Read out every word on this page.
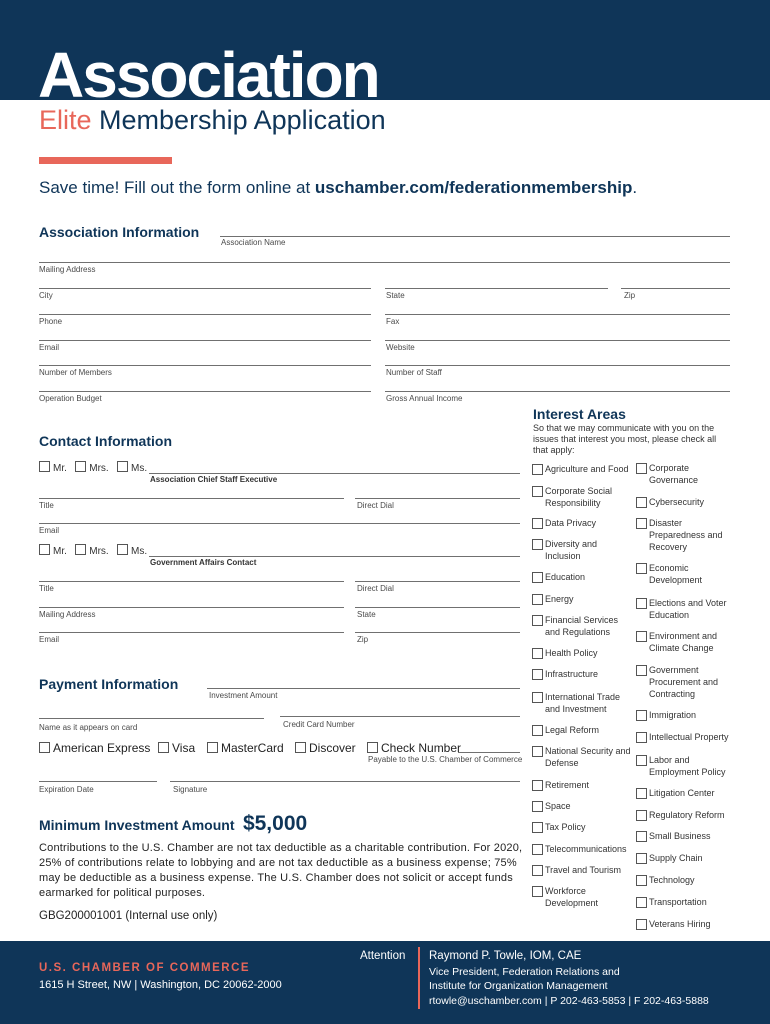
Association
Elite Membership Application
Save time! Fill out the form online at uschamber.com/federationmembership.
Association Information
Association Name
Mailing Address
City	State	Zip
Phone	Fax
Email	Website
Number of Members	Number of Staff
Operation Budget	Gross Annual Income
Contact Information
Mr. Mrs. Ms.
Association Chief Staff Executive
Title	Direct Dial
Email
Mr. Mrs. Ms.
Government Affairs Contact
Title	Direct Dial
Mailing Address	State
Email	Zip
Payment Information
Investment Amount
Name as it appears on card	Credit Card Number
American Express	Visa	MasterCard	Discover	Check Number
Payable to the U.S. Chamber of Commerce
Expiration Date	Signature
Minimum Investment Amount $5,000
Contributions to the U.S. Chamber are not tax deductible as a charitable contribution. For 2020, 25% of contributions relate to lobbying and are not tax deductible as a business expense; 75% may be deductible as a business expense. The U.S. Chamber does not solicit or accept funds earmarked for political purposes.
GBG200001001 (Internal use only)
Interest Areas
So that we may communicate with you on the issues that interest you most, please check all that apply:
Agriculture and Food
Corporate Social Responsibility
Data Privacy
Diversity and Inclusion
Education
Energy
Financial Services and Regulations
Health Policy
Infrastructure
International Trade and Investment
Legal Reform
National Security and Defense
Retirement
Space
Tax Policy
Telecommunications
Travel and Tourism
Workforce Development
Corporate Governance
Cybersecurity
Disaster Preparedness and Recovery
Economic Development
Elections and Voter Education
Environment and Climate Change
Government Procurement and Contracting
Immigration
Intellectual Property
Labor and Employment Policy
Litigation Center
Regulatory Reform
Small Business
Supply Chain
Technology
Transportation
Veterans Hiring
U.S. CHAMBER OF COMMERCE
1615 H Street, NW | Washington, DC 20062-2000
Attention Raymond P. Towle, IOM, CAE
Vice President, Federation Relations and
Institute for Organization Management
rtowle@uschamber.com | P 202-463-5853 | F 202-463-5888
